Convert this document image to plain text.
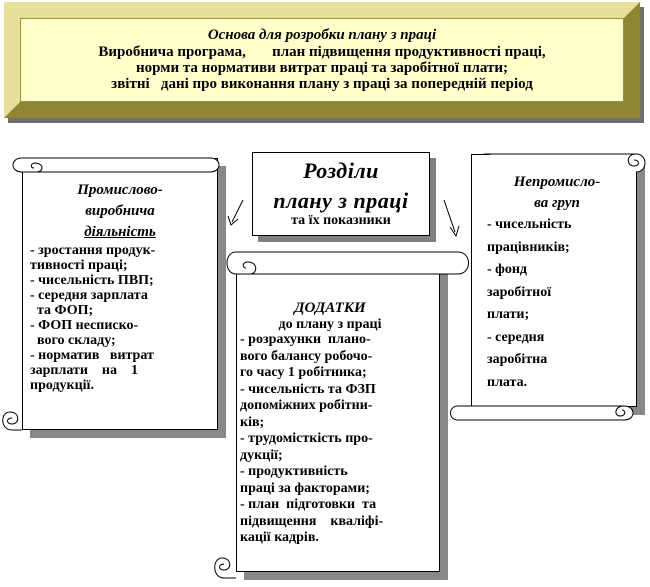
Основа для розробки плану з праці
Виробнича програма,       план підвищення продуктивності праці,
норми та нормативи витрат праці та заробітної плати;
звітні   дані про виконання плану з праці за попередній період
Розділи
плану з праці
та їх показники
Промислово-
виробнича
діяльність
- зростання продук-
тивності праці;
- чисельність ПВП;
- середня зарплата
та ФОП;
- ФОП несписко-
вого складу;
- норматив   витрат
зарплати    на    1
продукції.
ДОДАТКИ
до плану з праці
- розрахунки  плано-
вого балансу робочо-
го часу 1 робітника;
- чисельність та ФЗП
допоміжних робітни-
ків;
- трудомісткість про-
дукції;
- продуктивність
праці за факторами;
- план  підготовки  та
підвищення    кваліфі-
кації кадрів.
Непромисло-
ва груп
- чисельність
працівників;
- фонд
заробітної
плати;
- середня
заробітна
плата.
